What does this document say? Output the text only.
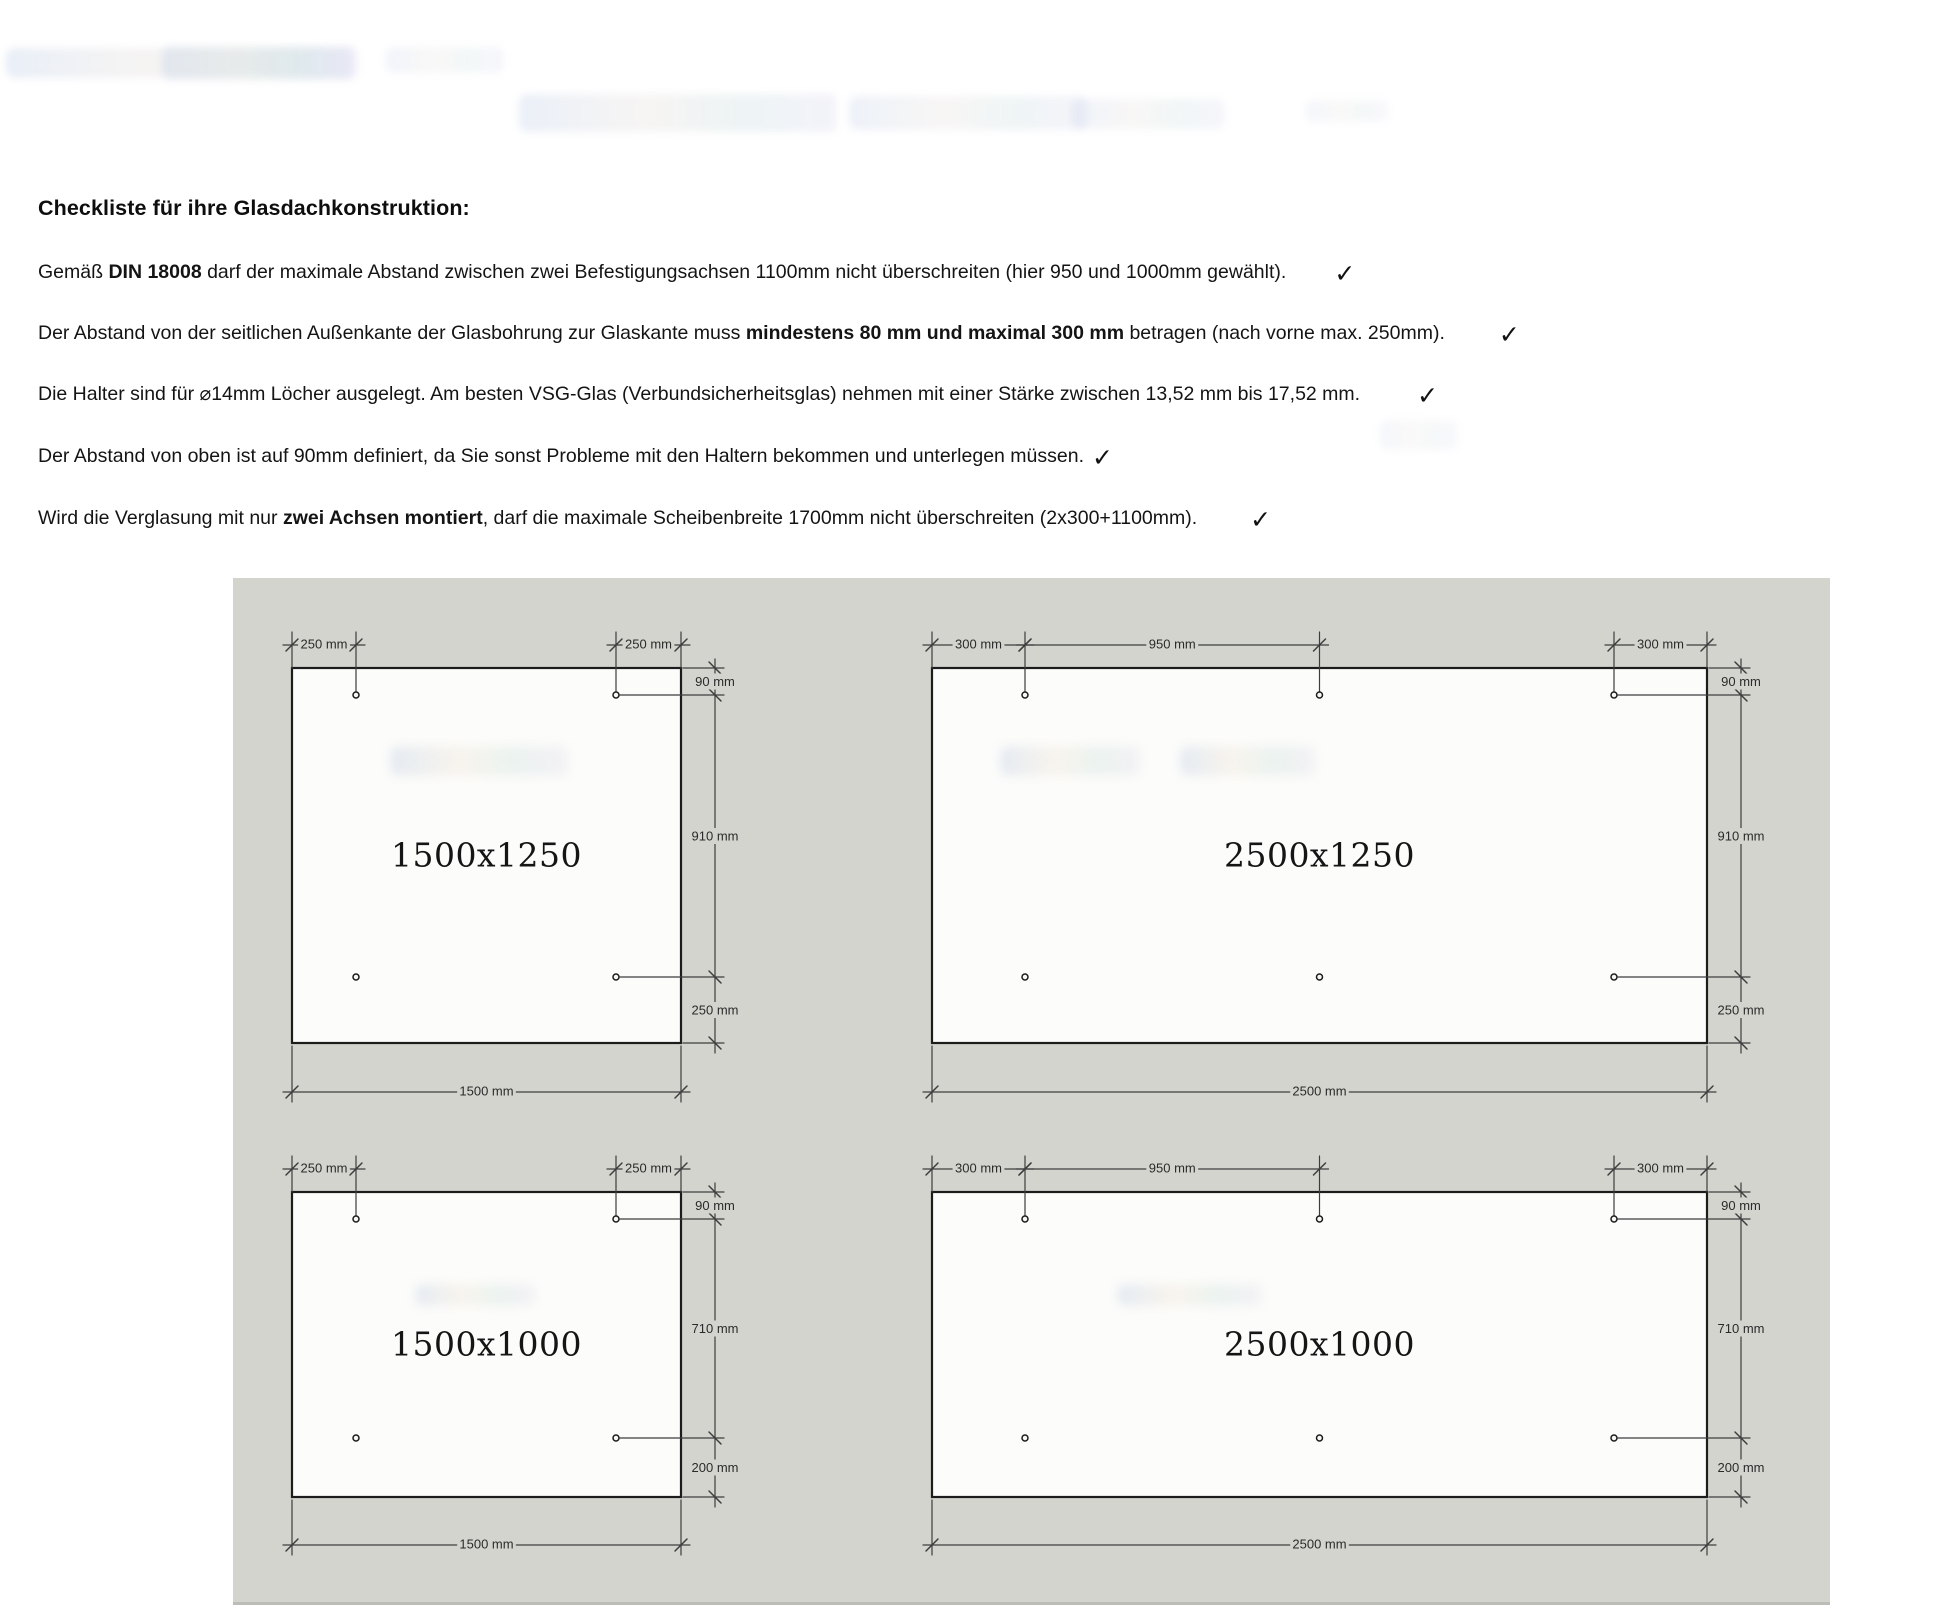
Checkliste für ihre Glasdachkonstruktion:
Gemäß DIN 18008 darf der maximale Abstand zwischen zwei Befestigungsachsen 1100mm nicht überschreiten (hier 950 und 1000mm gewählt). ✓
Der Abstand von der seitlichen Außenkante der Glasbohrung zur Glaskante muss mindestens 80 mm und maximal 300 mm betragen (nach vorne max. 250mm). ✓
Die Halter sind für ⌀14mm Löcher ausgelegt. Am besten VSG-Glas (Verbundsicherheitsglas) nehmen mit einer Stärke zwischen 13,52 mm bis 17,52 mm. ✓
Der Abstand von oben ist auf 90mm definiert, da Sie sonst Probleme mit den Haltern bekommen und unterlegen müssen. ✓
Wird die Verglasung mit nur zwei Achsen montiert, darf die maximale Scheibenbreite 1700mm nicht überschreiten (2x300+1100mm). ✓
1500x1250
250 mm	250 mm
90 mm
910 mm
250 mm
1500 mm
2500x1250
300 mm	950 mm	300 mm
90 mm
910 mm
250 mm
2500 mm
1500x1000
250 mm	250 mm
90 mm
710 mm
200 mm
1500 mm
2500x1000
300 mm	950 mm	300 mm
90 mm
710 mm
200 mm
2500 mm
